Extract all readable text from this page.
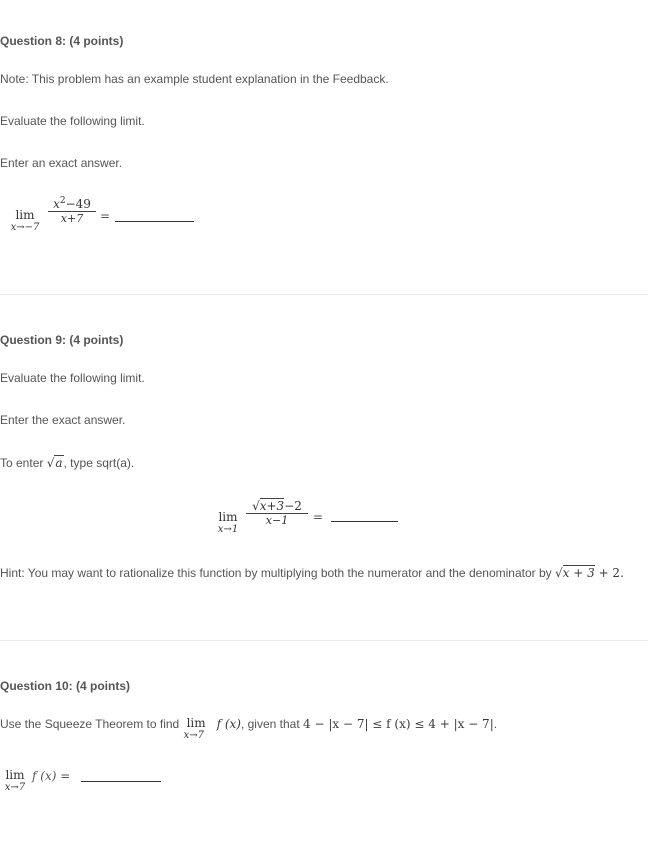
Question 8: (4 points)
Note: This problem has an example student explanation in the Feedback.
Evaluate the following limit.
Enter an exact answer.
lim
x→−7
$x^2-49$
x+7	=
Question 9: (4 points)
Evaluate the following limit.
Enter the exact answer.
To enter √a, type sqrt(a).
lim
x→1
√x+3−2
x−1	=
Hint: You may want to rationalize this function by multiplying both the numerator and the denominator by √x + 3 + 2.
Question 10: (4 points)
Use the Squeeze Theorem to find lim
x→7
f (x), given that 4 − |x − 7| ≤ f (x) ≤ 4 + |x − 7|.
lim
x→7
f (x) =
